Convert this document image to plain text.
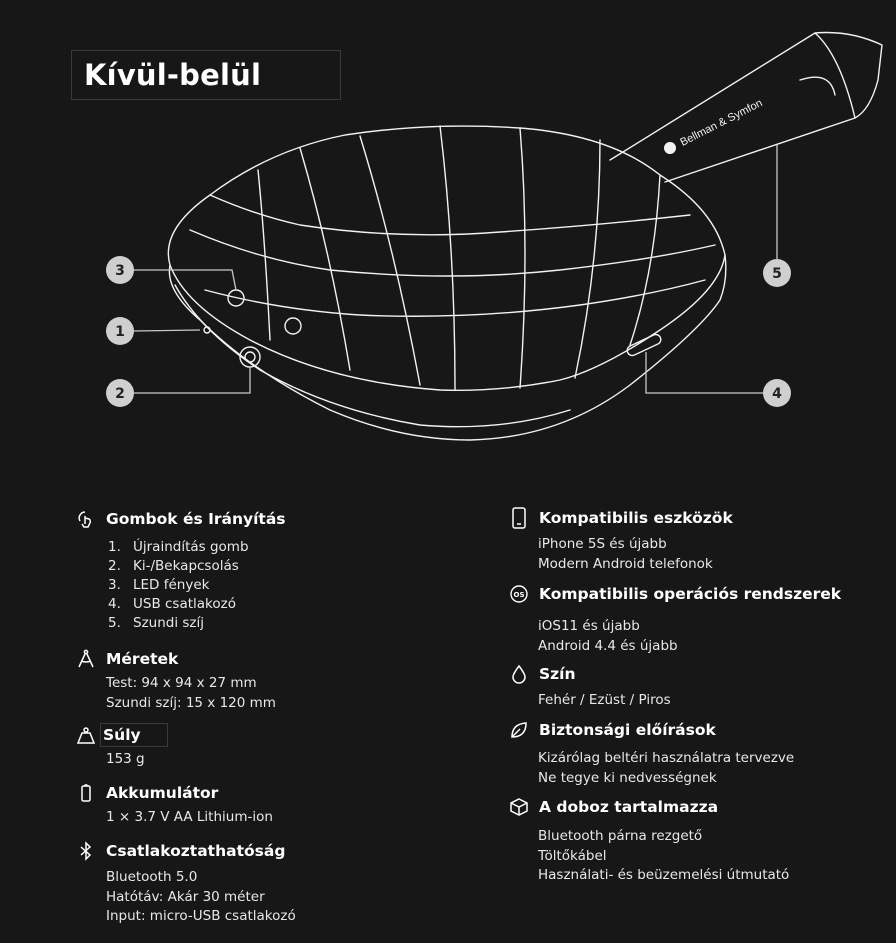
Kívül-belül
Bellman & Symfon
3
1
2	4
5
Gombok és Irányítás
1. Újraindítás gomb
2. Ki-/Bekapcsolás
3. LED fények
4. USB csatlakozó
5. Szundi szíj
Méretek
Test: 94 x 94 x 27 mm
Szundi szíj: 15 x 120 mm
Súly
153 g
Akkumulátor
1 × 3.7 V AA Lithium-ion
Csatlakoztathatóság
Bluetooth 5.0
Hatótáv: Akár 30 méter
Input: micro-USB csatlakozó
Kompatibilis eszközök
iPhone 5S és újabb
Modern Android telefonok
OS Kompatibilis operációs rendszerek
iOS11 és újabb
Android 4.4 és újabb
Szín
Fehér / Ezüst / Piros
Biztonsági előírások
Kizárólag beltéri használatra tervezve
Ne tegye ki nedvességnek
A doboz tartalmazza
Bluetooth párna rezgető
Töltőkábel
Használati- és beüzemelési útmutató
